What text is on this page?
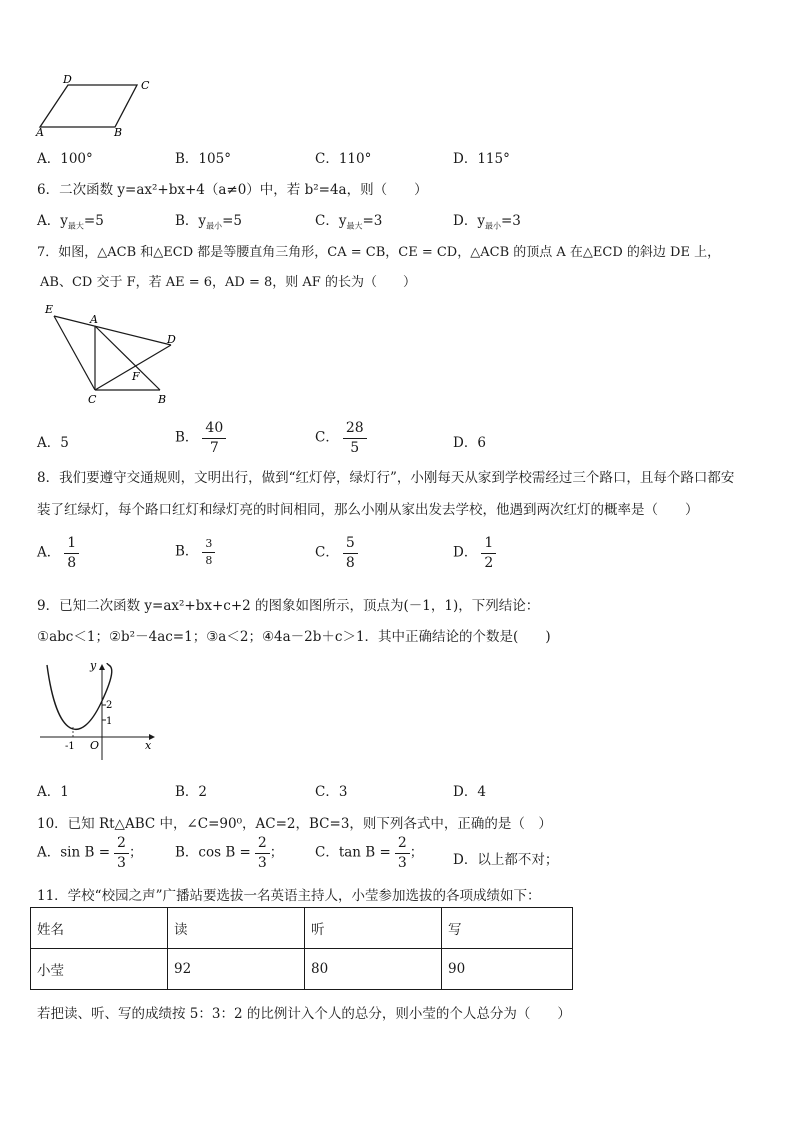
D	C
A	B
A．100°	B．105°	C．110°	D．115°
6．二次函数 y=ax²+bx+4（a≠0）中，若 b²=4a，则（　　）
A．$y_{最大}=5$	B．$y_{最小}=5$	C．$y_{最大}=3$	D．$y_{最小}=3$
7．如图，△ACB 和△ECD 都是等腰直角三角形，CA = CB，CE = CD，△ACB 的顶点 A 在△ECD 的斜边 DE 上，
AB、CD 交于 F，若 AE = 6，AD = 8，则 AF 的长为（　　）
E
A
D
F
C	B
A．5	B． $\frac{40}{7}$	C． $\frac{28}{5}$	D．6
8．我们要遵守交通规则，文明出行，做到“红灯停，绿灯行”，小刚每天从家到学校需经过三个路口，且每个路口都安
装了红绿灯，每个路口红灯和绿灯亮的时间相同，那么小刚从家出发去学校，他遇到两次红灯的概率是（　　）
A． $\frac{1}{8}$	B． $\frac{3}{8}$	C． $\frac{5}{8}$	D． $\frac{1}{2}$
9．已知二次函数 y=ax²+bx+c+2 的图象如图所示，顶点为(－1，1)，下列结论：
①abc＜1；②b²－4ac=1；③a＜2；④4a－2b＋c＞1．其中正确结论的个数是(　　)
y
x
2
1
-1 O
A．1	B．2	C．3	D．4
10．已知 Rt△ABC 中，∠C=90⁰，AC=2，BC=3，则下列各式中，正确的是（　）
A．$\sin B = \frac{2}{3}$ ； B．$\cos B = \frac{2}{3}$ ； C．$\tan B = \frac{2}{3}$ ； D．以上都不对；
11．学校“校园之声”广播站要选拔一名英语主持人，小莹参加选拔的各项成绩如下：
姓名	读	听	写
小莹	92	80	90
若把读、听、写的成绩按 5：3：2 的比例计入个人的总分，则小莹的个人总分为（　　）
